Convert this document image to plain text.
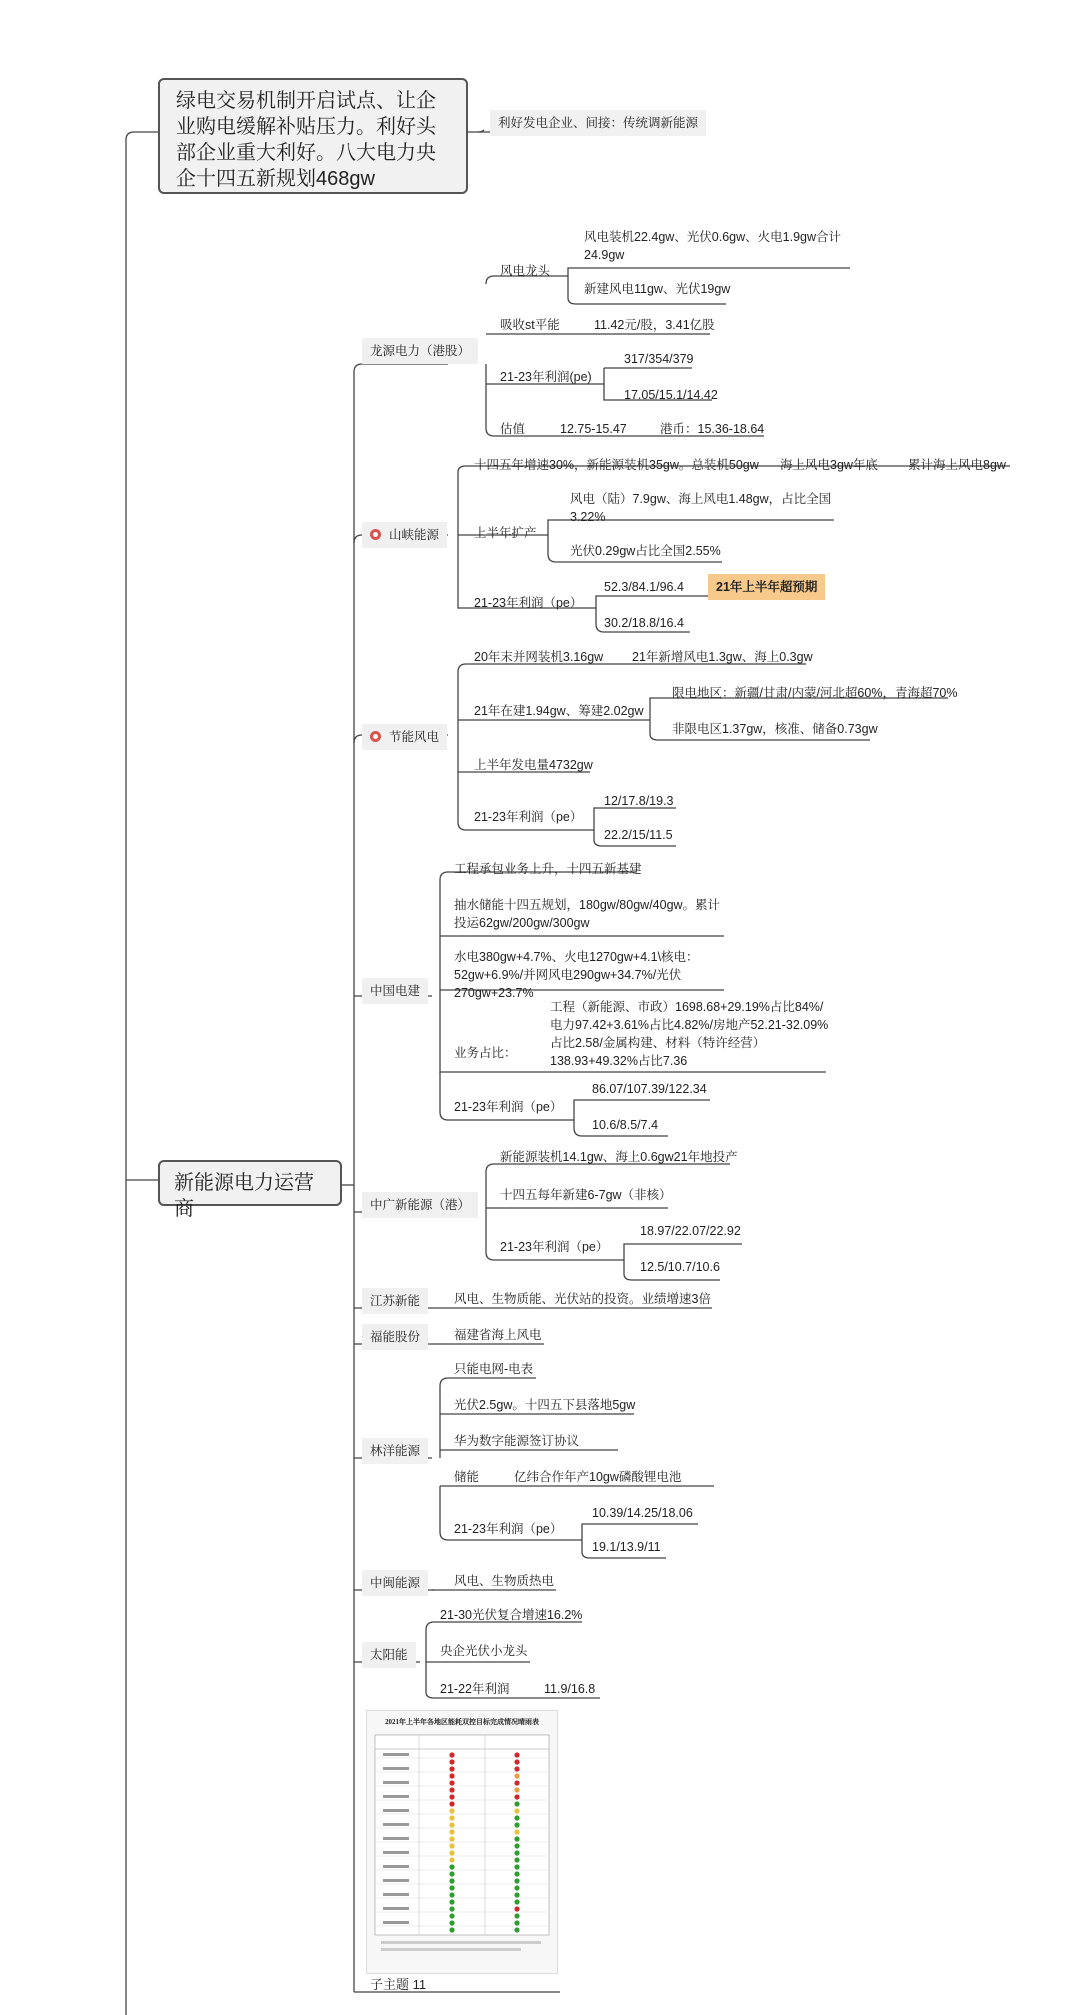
绿电交易机制开启试点、让企业购电缓解补贴压力。利好头部企业重大利好。八大电力央企十四五新规划468gw
利好发电企业、间接：传统调新能源
新能源电力运营商
龙源电力（港股）
风电龙头
风电装机22.4gw、光伏0.6gw、火电1.9gw合计24.9gw
新建风电11gw、光伏19gw
吸收st平能	11.42元/股，3.41亿股
21-23年利润(pe)
317/354/379
17.05/15.1/14.42
估值	12.75-15.47	港币：15.36-18.64
山峡能源
十四五年增速30%，新能源装机35gw。总装机50gw 海上风电3gw年底 累计海上风电8gw
上半年扩产
风电（陆）7.9gw、海上风电1.48gw，占比全国3.22%
光伏0.29gw占比全国2.55%
21-23年利润（pe）
52.3/84.1/96.4	21年上半年超预期
30.2/18.8/16.4
节能风电
20年末并网装机3.16gw 21年新增风电1.3gw、海上0.3gw
21年在建1.94gw、筹建2.02gw
限电地区：新疆/甘肃/内蒙/河北超60%，青海超70%
非限电区1.37gw，核准、储备0.73gw
上半年发电量4732gw
21-23年利润（pe）
12/17.8/19.3
22.2/15/11.5
中国电建
工程承包业务上升，十四五新基建
抽水储能十四五规划，180gw/80gw/40gw。累计投运62gw/200gw/300gw
水电380gw+4.7%、火电1270gw+4.1\核电：52gw+6.9%/并网风电290gw+34.7%/光伏270gw+23.7%
业务占比：
工程（新能源、市政）1698.68+29.19%占比84%/电力97.42+3.61%占比4.82%/房地产52.21-32.09%占比2.58/金属构建、材料（特许经营）138.93+49.32%占比7.36
21-23年利润（pe）
86.07/107.39/122.34
10.6/8.5/7.4
中广新能源（港）
新能源装机14.1gw、海上0.6gw21年地投产
十四五每年新建6-7gw（非核）
21-23年利润（pe）
18.97/22.07/22.92
12.5/10.7/10.6
江苏新能	风电、生物质能、光伏站的投资。业绩增速3倍
福能股份	福建省海上风电
林洋能源
只能电网-电表
光伏2.5gw。十四五下县落地5gw
华为数字能源签订协议
储能	亿纬合作年产10gw磷酸锂电池
21-23年利润（pe）
10.39/14.25/18.06
19.1/13.9/11
中闽能源	风电、生物质热电
太阳能
21-30光伏复合增速16.2%
央企光伏小龙头
21-22年利润	11.9/16.8
2021年上半年各地区能耗双控目标完成情况晴雨表
子主题 11
